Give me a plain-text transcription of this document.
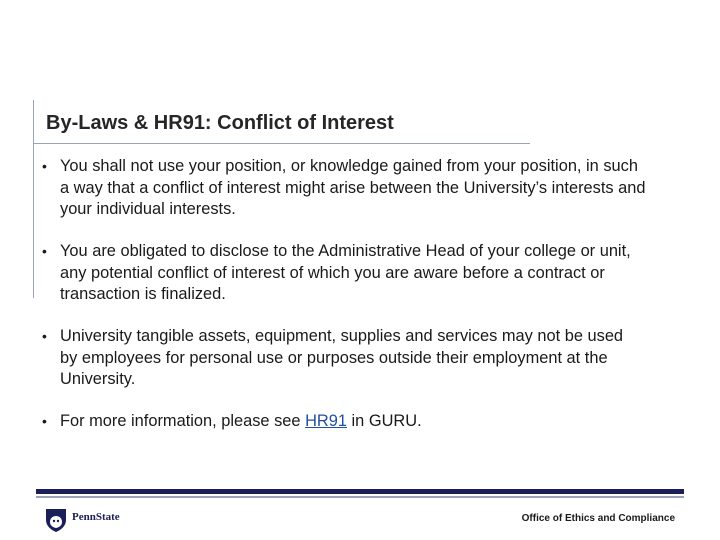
By-Laws & HR91: Conflict of Interest
• You shall not use your position, or knowledge gained from your position, in such
a way that a conflict of interest might arise between the University’s interests and
your individual interests.
• You are obligated to disclose to the Administrative Head of your college or unit,
any potential conflict of interest of which you are aware before a contract or
transaction is finalized.
• University tangible assets, equipment, supplies and services may not be used
by employees for personal use or purposes outside their employment at the
University.
• For more information, please see HR91 in GURU.
PennState	Office of Ethics and Compliance
